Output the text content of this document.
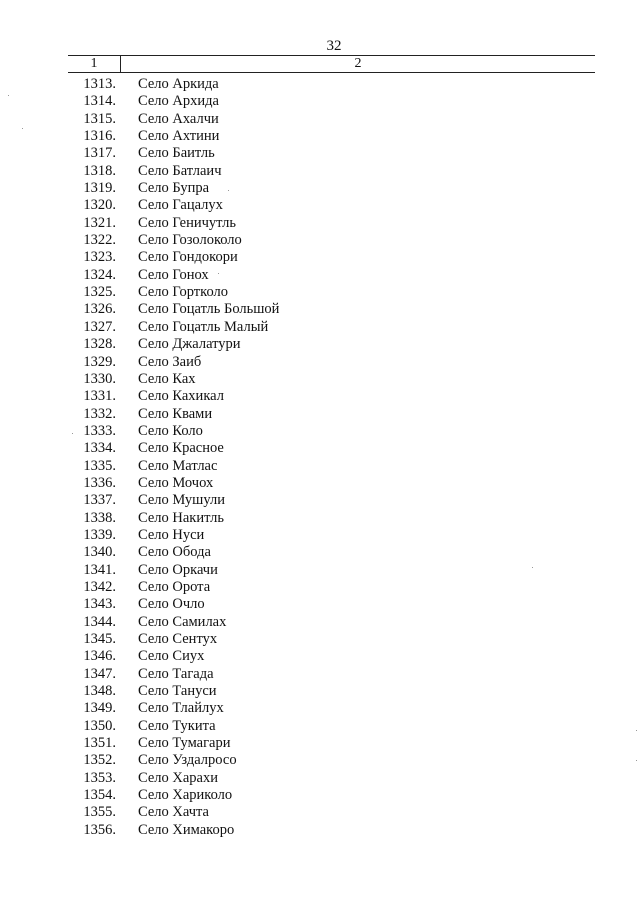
32
1	2
1313. Село Аркида
1314. Село Архида
1315. Село Ахалчи
1316. Село Ахтини
1317. Село Баитль
1318. Село Батлаич
1319. Село Бупра
1320. Село Гацалух
1321. Село Геничутль
1322. Село Гозолоколо
1323. Село Гондокори
1324. Село Гонох
1325. Село Гортколо
1326. Село Гоцатль Большой
1327. Село Гоцатль Малый
1328. Село Джалатури
1329. Село Заиб
1330. Село Ках
1331. Село Кахикал
1332. Село Квами
1333. Село Коло
1334. Село Красное
1335. Село Матлас
1336. Село Мочох
1337. Село Мушули
1338. Село Накитль
1339. Село Нуси
1340. Село Обода
1341. Село Оркачи
1342. Село Орота
1343. Село Очло
1344. Село Самилах
1345. Село Сентух
1346. Село Сиух
1347. Село Тагада
1348. Село Тануси
1349. Село Тлайлух
1350. Село Тукита
1351. Село Тумагари
1352. Село Уздалросо
1353. Село Харахи
1354. Село Хариколо
1355. Село Хачта
1356. Село Химакоро
